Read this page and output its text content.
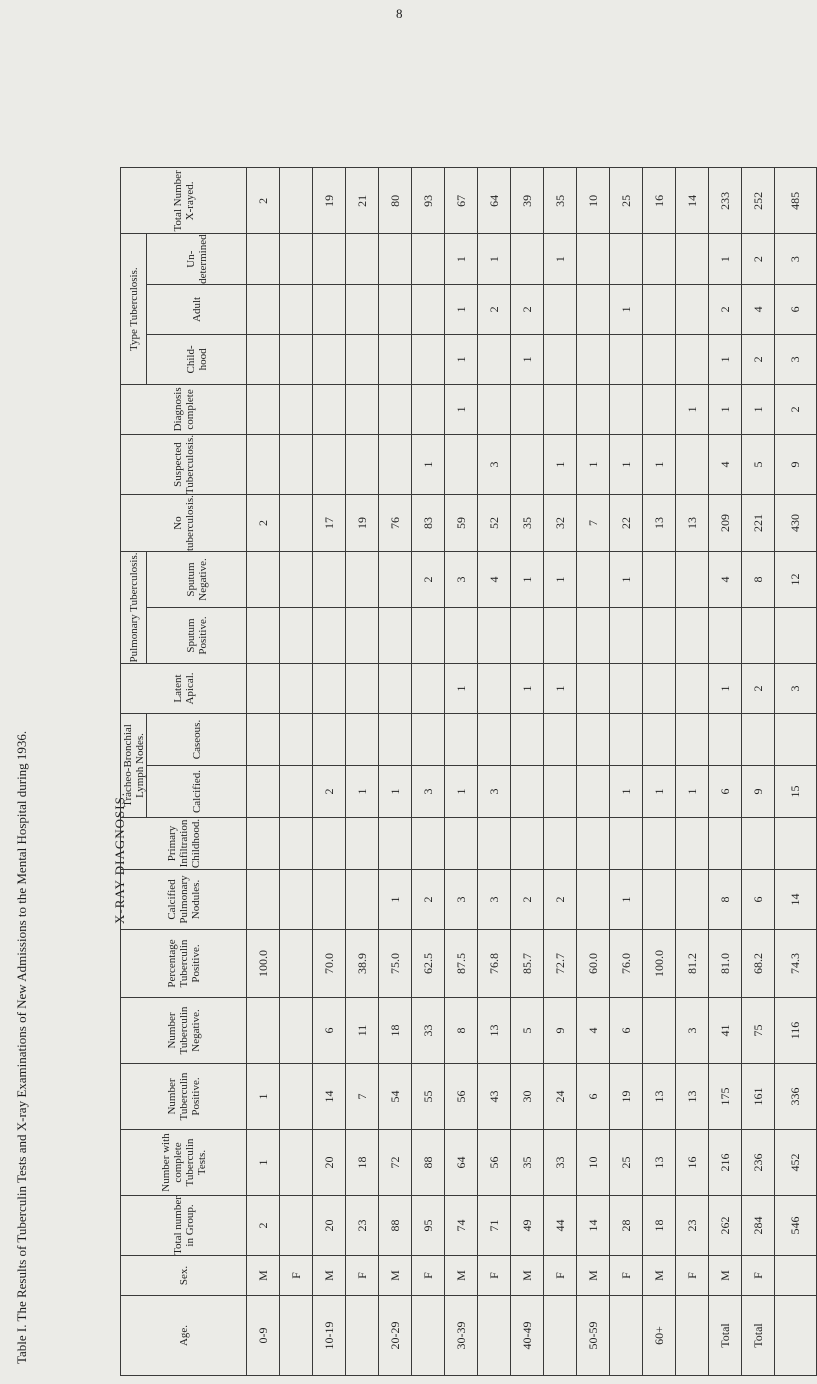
8
Table I. The Results of Tuberculin Tests and X-ray Examinations of New Admissions to the Mental Hospital during 1936.	X-RAY DIAGNOSIS.
Age.	Sex.	Total number in Group.	Number with complete Tuberculin Tests.	Number Tuberculin Positive.	Number Tuberculin Negative.	Percentage Tuberculin Positive.	Calcified Pulmonary Nodules.	Primary Infiltration Childhood.	Tracheo-Bronchial Lymph Nodes.		Latent Apical.	Pulmonary Tuberculosis.		No tuberculosis.	Suspected Tuberculosis.	Diagnosis complete	Type Tuberculosis.			Total Number X-rayed.
									Calcified.	Caseous.		Sputum Positive.	Sputum Negative.				Child-hood	Adult	Un-determined	
0-9	M	2	1	1		100.0								2						2
	F																			
10-19	M	20	20	14	6	70.0			2					17						19
	F	23	18	7	11	38.9			1					19						21
20-29	M	88	72	54	18	75.0	1		1					76						80
	F	95	88	55	33	62.5	2		3				2	83	1					93
30-39	M	74	64	56	8	87.5	3		1		1		3	59		1	1	1	1	67
	F	71	56	43	13	76.8	3		3				4	52	3			2	1	64
40-49	M	49	35	30	5	85.7	2				1		1	35			1	2		39
	F	44	33	24	9	72.7	2				1		1	32	1				1	35
50-59	M	14	10	6	4	60.0								7	1					10
	F	28	25	19	6	76.0	1		1				1	22	1			1		25
60+	M	18	13	13		100.0			1					13	1					16
	F	23	16	13	3	81.2			1					13		1				14
Total	M	262	216	175	41	81.0	8		6		1		4	209	4	1	1	2	1	233
Total	F	284	236	161	75	68.2	6		9		2		8	221	5	1	2	4	2	252
		546	452	336	116	74.3	14		15		3		12	430	9	2	3	6	3	485
